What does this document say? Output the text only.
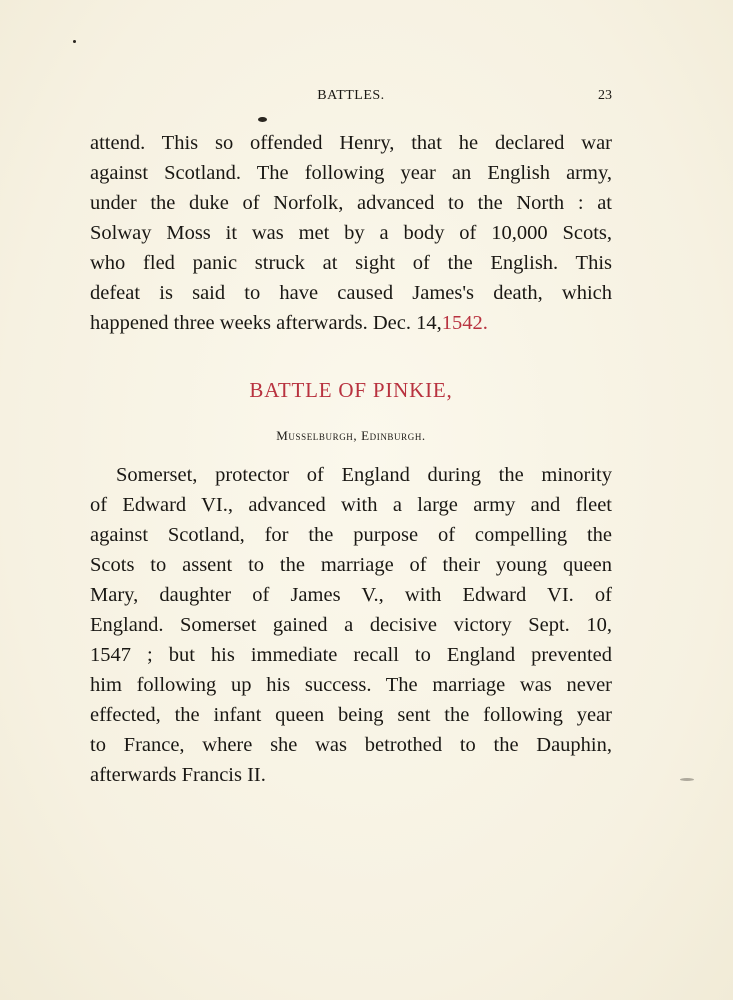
BATTLES.	23
attend. This so offended Henry, that he declared war
against Scotland. The following year an English army,
under the duke of Norfolk, advanced to the North : at
Solway Moss it was met by a body of 10,000 Scots,
who fled panic struck at sight of the English. This
defeat is said to have caused James's death, which
happened three weeks afterwards. Dec. 14,1542.
BATTLE OF PINKIE,
Musselburgh, Edinburgh.
Somerset, protector of England during the minority
of Edward VI., advanced with a large army and fleet
against Scotland, for the purpose of compelling the
Scots to assent to the marriage of their young queen
Mary, daughter of James V., with Edward VI. of
England. Somerset gained a decisive victory Sept. 10,
1547 ; but his immediate recall to England prevented
him following up his success. The marriage was never
effected, the infant queen being sent the following year
to France, where she was betrothed to the Dauphin,
afterwards Francis II.
